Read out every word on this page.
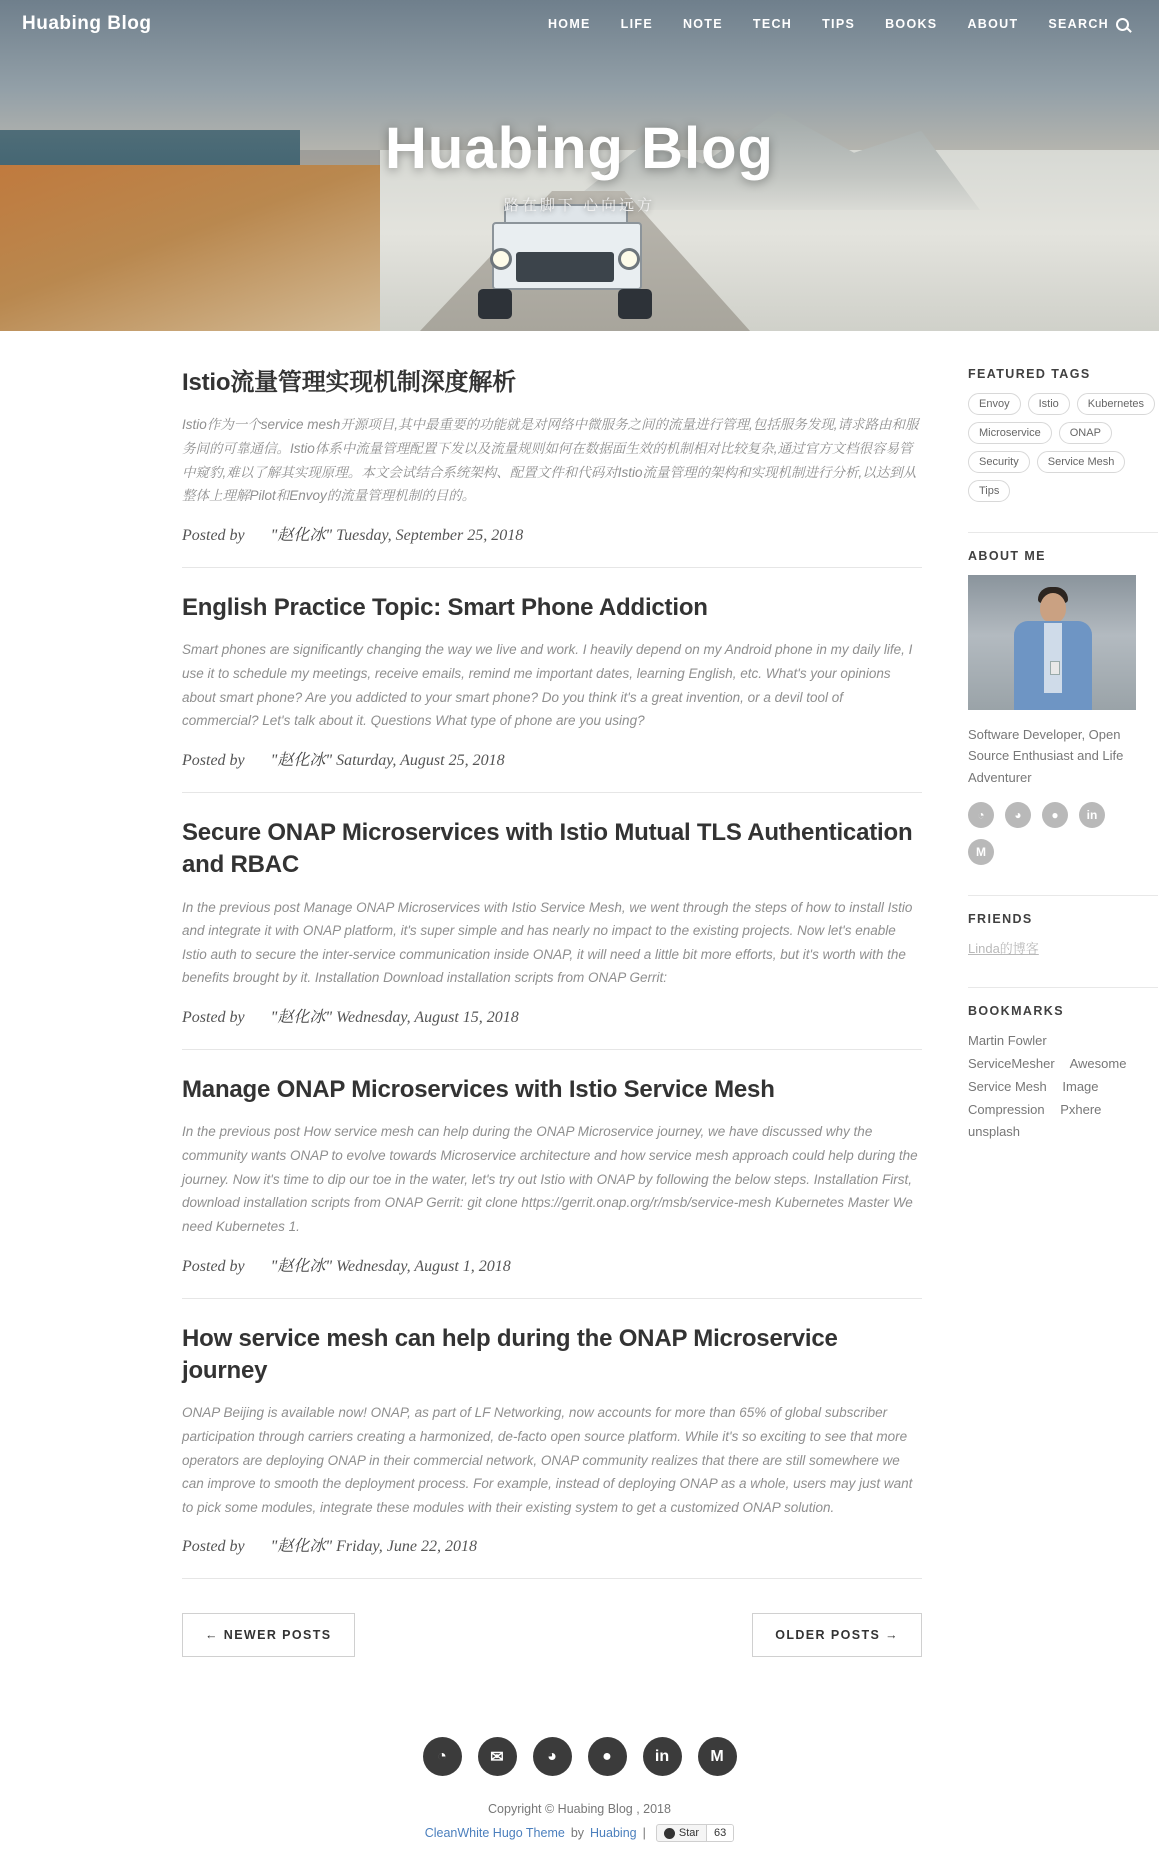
Huabing Blog	HOME LIFE NOTE TECH TIPS BOOKS ABOUT SEARCH
Huabing Blog
路在脚下 心向远方
Istio流量管理实现机制深度解析

Istio作为一个service mesh开源项目,其中最重要的功能就是对网络中微服务之间的流量进行管理,包括服务发现,请求路由和服务间的可靠通信。Istio体系中流量管理配置下发以及流量规则如何在数据面生效的机制相对比较复杂,通过官方文档很容易管中窥豹,难以了解其实现原理。本文会试结合系统架构、配置文件和代码对Istio流量管理的架构和实现机制进行分析,以达到从整体上理解Pilot和Envoy的流量管理机制的目的。

Posted by "赵化冰" Tuesday, September 25, 2018
English Practice Topic: Smart Phone Addiction

Smart phones are significantly changing the way we live and work. I heavily depend on my Android phone in my daily life, I use it to schedule my meetings, receive emails, remind me important dates, learning English, etc. What's your opinions about smart phone? Are you addicted to your smart phone? Do you think it's a great invention, or a devil tool of commercial? Let's talk about it. Questions What type of phone are you using?

Posted by "赵化冰" Saturday, August 25, 2018
Secure ONAP Microservices with Istio Mutual TLS Authentication and RBAC

In the previous post Manage ONAP Microservices with Istio Service Mesh, we went through the steps of how to install Istio and integrate it with ONAP platform, it's super simple and has nearly no impact to the existing projects. Now let's enable Istio auth to secure the inter-service communication inside ONAP, it will need a little bit more efforts, but it's worth with the benefits brought by it. Installation Download installation scripts from ONAP Gerrit:

Posted by "赵化冰" Wednesday, August 15, 2018
Manage ONAP Microservices with Istio Service Mesh

In the previous post How service mesh can help during the ONAP Microservice journey, we have discussed why the community wants ONAP to evolve towards Microservice architecture and how service mesh approach could help during the journey. Now it's time to dip our toe in the water, let's try out Istio with ONAP by following the below steps. Installation First, download installation scripts from ONAP Gerrit: git clone https://gerrit.onap.org/r/msb/service-mesh Kubernetes Master We need Kubernetes 1.

Posted by "赵化冰" Wednesday, August 1, 2018
How service mesh can help during the ONAP Microservice journey

ONAP Beijing is available now! ONAP, as part of LF Networking, now accounts for more than 65% of global subscriber participation through carriers creating a harmonized, de-facto open source platform. While it's so exciting to see that more operators are deploying ONAP in their commercial network, ONAP community realizes that there are still somewhere we can improve to smooth the deployment process. For example, instead of deploying ONAP as a whole, users may just want to pick some modules, integrate these modules with their existing system to get a customized ONAP solution.

Posted by "赵化冰" Friday, June 22, 2018
← NEWER POSTS	OLDER POSTS →
FEATURED TAGS
Envoy	Istio	Kubernetes
Microservice	ONAP
Security	Service Mesh
Tips
ABOUT ME
Software Developer, Open Source Enthusiast and Life Adventurer
◔	◕	●	in
M
FRIENDS
Linda的博客
BOOKMARKS
Martin Fowler ServiceMesher Awesome Service Mesh Image Compression Pxhere unsplash
◔	✉	◕	●	in	M
Copyright © Huabing Blog , 2018
CleanWhite Hugo Theme by Huabing |	Star	63
